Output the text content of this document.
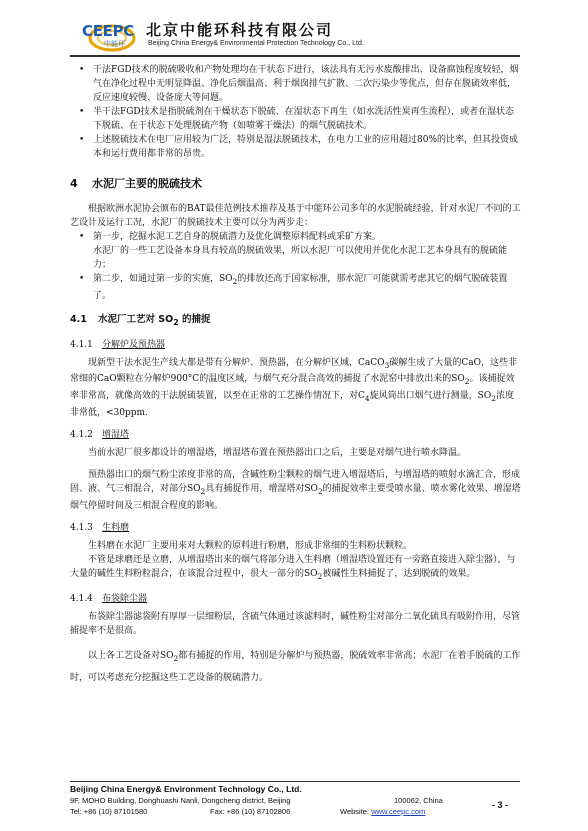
CEEPC
中能环
北京中能环科技有限公司
Beijing China Energy& Environmental Protection Technology Co., Ltd.

• 干法FGD技术的脱硫吸收和产物处理均在干状态下进行，该法具有无污水废酸排出、设备腐蚀程度较轻，烟气在净化过程中无明显降温、净化后烟温高、利于烟囱排气扩散、二次污染少等优点，但存在脱硫效率低，反应速度较慢、设备庞大等问题。

• 半干法FGD技术是指脱硫剂在干燥状态下脱硫、在湿状态下再生（如水洗活性炭再生流程），或者在湿状态下脱硫、在干状态下处理脱硫产物（如喷雾干燥法）的烟气脱硫技术。

• 上述脱硫技术在电厂应用较为广泛，特别是湿法脱硫技术，在电力工业的应用超过80%的比率，但其投资成本和运行费用都非常的昂贵。

4 水泥厂主要的脱硫技术

根据欧洲水泥协会颁布的BAT最佳范例技术推荐及基于中能环公司多年的水泥脱硫经验，针对水泥厂不同的工艺设计及运行工况，水泥厂的脱硫技术主要可以分为两步走：

• 第一步，挖掘水泥工艺自身的脱硫潜力及优化调整原料配料或采矿方案。

水泥厂的一些工艺设备本身具有较高的脱硫效果，所以水泥厂可以使用并优化水泥工艺本身具有的脱硫能力；

• 第二步，如通过第一步的实施，$SO_2$的排放还高于国家标准，那水泥厂可能就需考虑其它的烟气脱硫装置了。

4.1 水泥厂工艺对 $SO_2$ 的捕捉
4.1.1 分解炉及预热器

现新型干法水泥生产线大都是带有分解炉、预热器，在分解炉区域，CaCO$_3$碳解生成了大量的CaO，这些非常细的CaO颗粒在分解炉900°C的温度区域，与烟气充分混合高效的捕捉了水泥窑中排放出来的$SO_2$。该捕捉效率非常高，就像高效的干法脱硫装置，以至在正常的工艺操作情况下，对$C_4$旋风筒出口烟气进行测量，$SO_2$浓度非常低，<30ppm.

4.1.2 增湿塔

当前水泥厂很多都设计的增湿塔，增湿塔布置在预热器出口之后，主要是对烟气进行喷水降温。

预热器出口的烟气粉尘浓度非常的高，含碱性粉尘颗粒的烟气进入增湿塔后，与增湿塔的喷射水滴汇合，形成固、液、气三相混合，对部分$SO_2$具有捕捉作用，增湿塔对$SO_2$的捕捉效率主要受喷水量、喷水雾化效果、增湿塔烟气停留时间及三相混合程度的影响。

4.1.3 生料磨

生料磨在水泥厂主要用来对大颗粒的原料进行粉磨，形成非常细的生料粉状颗粒。

不管是球磨还是立磨，从增湿塔出来的烟气将部分进入生料磨（增湿塔设置还有一旁路直接进入除尘器），与大量的碱性生料粉粒混合，在该混合过程中，很大一部分的$SO_2$被碱性生料捕捉了，达到脱硫的效果。

4.1.4 布袋除尘器

布袋除尘器滤袋附有厚厚一层细粉层，含硫气体通过该滤料时，碱性粉尘对部分二氧化硫具有吸附作用，尽管捕捉率不是很高。

以上各工艺设备对$SO_2$都有捕捉的作用，特别是分解炉与预热器，脱硫效率非常高；水泥厂在着手脱硫的工作时，可以考虑充分挖掘这些工艺设备的脱硫潜力。

Beijing China Energy& Environment Technology Co., Ltd.
9F, MOHO Building, Donghuashi Nanli, Dongcheng district, Beijing	100062, China
Tel: +86 (10) 87101580	Fax: +86 (10) 87102806	Website: www.ceepc.com
- 3 -
